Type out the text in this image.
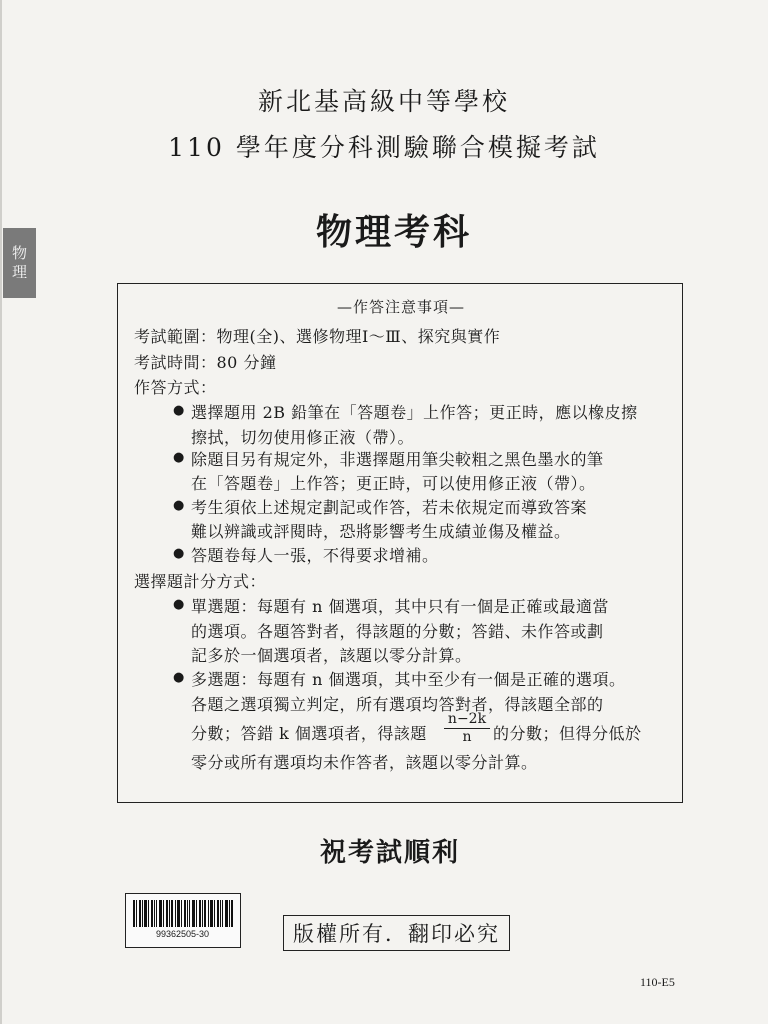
物
理
新北基高級中等學校
110 學年度分科測驗聯合模擬考試
物理考科
—作答注意事項—
考試範圍：物理(全)、選修物理Ⅰ～Ⅲ、探究與實作
考試時間：80 分鐘
作答方式：
● 選擇題用 2B 鉛筆在「答題卷」上作答；更正時，應以橡皮擦
擦拭，切勿使用修正液（帶）。
● 除題目另有規定外，非選擇題用筆尖較粗之黑色墨水的筆
在「答題卷」上作答；更正時，可以使用修正液（帶）。
● 考生須依上述規定劃記或作答，若未依規定而導致答案
難以辨識或評閱時，恐將影響考生成績並傷及權益。
● 答題卷每人一張，不得要求增補。
選擇題計分方式：
● 單選題：每題有 n 個選項，其中只有一個是正確或最適當
的選項。各題答對者，得該題的分數；答錯、未作答或劃
記多於一個選項者，該題以零分計算。
● 多選題：每題有 n 個選項，其中至少有一個是正確的選項。
各題之選項獨立判定，所有選項均答對者，得該題全部的
分數；答錯 k 個選項者，得該題 $\frac{n-2k}{n}$ 的分數；但得分低於
零分或所有選項均未作答者，該題以零分計算。
祝考試順利
99362505-30	版權所有．翻印必究
110-E5
